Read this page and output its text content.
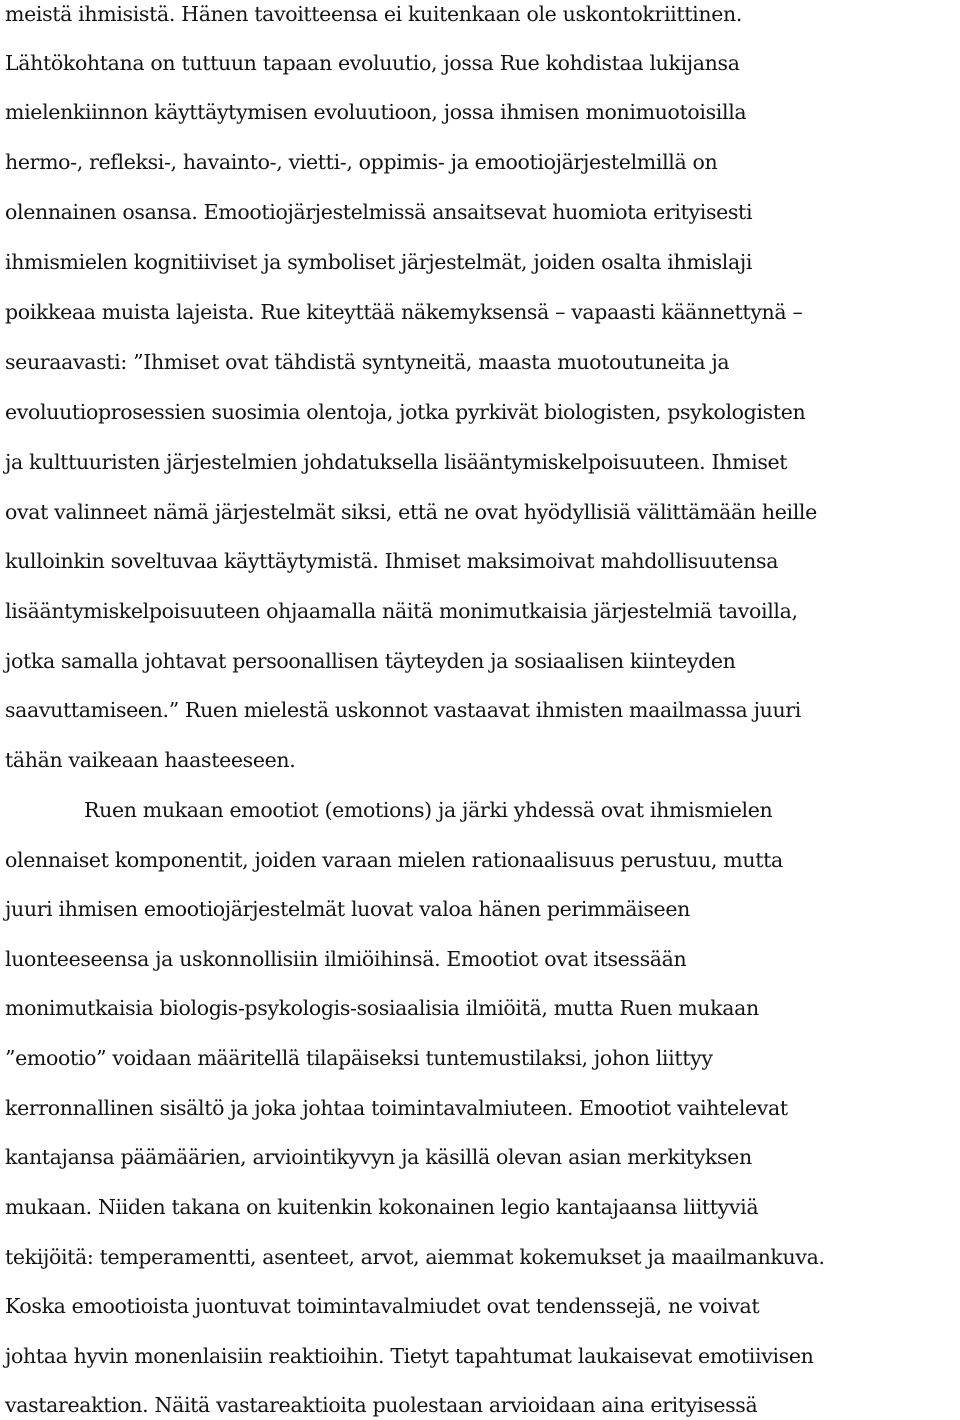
meistä ihmisistä. Hänen tavoitteensa ei kuitenkaan ole uskontokriittinen.
Lähtökohtana on tuttuun tapaan evoluutio, jossa Rue kohdistaa lukijansa
mielenkiinnon käyttäytymisen evoluutioon, jossa ihmisen monimuotoisilla
hermo-, refleksi-, havainto-, vietti-, oppimis- ja emootiojärjestelmillä on
olennainen osansa. Emootiojärjestelmissä ansaitsevat huomiota erityisesti
ihmismielen kognitiiviset ja symboliset järjestelmät, joiden osalta ihmislaji
poikkeaa muista lajeista. Rue kiteyttää näkemyksensä – vapaasti käännettynä –
seuraavasti: ”Ihmiset ovat tähdistä syntyneitä, maasta muotoutuneita ja
evoluutioprosessien suosimia olentoja, jotka pyrkivät biologisten, psykologisten
ja kulttuuristen järjestelmien johdatuksella lisääntymiskelpoisuuteen. Ihmiset
ovat valinneet nämä järjestelmät siksi, että ne ovat hyödyllisiä välittämään heille
kulloinkin soveltuvaa käyttäytymistä. Ihmiset maksimoivat mahdollisuutensa
lisääntymiskelpoisuuteen ohjaamalla näitä monimutkaisia järjestelmiä tavoilla,
jotka samalla johtavat persoonallisen täyteyden ja sosiaalisen kiinteyden
saavuttamiseen.” Ruen mielestä uskonnot vastaavat ihmisten maailmassa juuri
tähän vaikeaan haasteeseen.
Ruen mukaan emootiot (emotions) ja järki yhdessä ovat ihmismielen
olennaiset komponentit, joiden varaan mielen rationaalisuus perustuu, mutta
juuri ihmisen emootiojärjestelmät luovat valoa hänen perimmäiseen
luonteeseensa ja uskonnollisiin ilmiöihinsä. Emootiot ovat itsessään
monimutkaisia biologis-psykologis-sosiaalisia ilmiöitä, mutta Ruen mukaan
”emootio” voidaan määritellä tilapäiseksi tuntemustilaksi, johon liittyy
kerronnallinen sisältö ja joka johtaa toimintavalmiuteen. Emootiot vaihtelevat
kantajansa päämäärien, arviointikyvyn ja käsillä olevan asian merkityksen
mukaan. Niiden takana on kuitenkin kokonainen legio kantajaansa liittyviä
tekijöitä: temperamentti, asenteet, arvot, aiemmat kokemukset ja maailmankuva.
Koska emootioista juontuvat toimintavalmiudet ovat tendenssejä, ne voivat
johtaa hyvin monenlaisiin reaktioihin. Tietyt tapahtumat laukaisevat emotiivisen
vastareaktion. Näitä vastareaktioita puolestaan arvioidaan aina erityisessä
